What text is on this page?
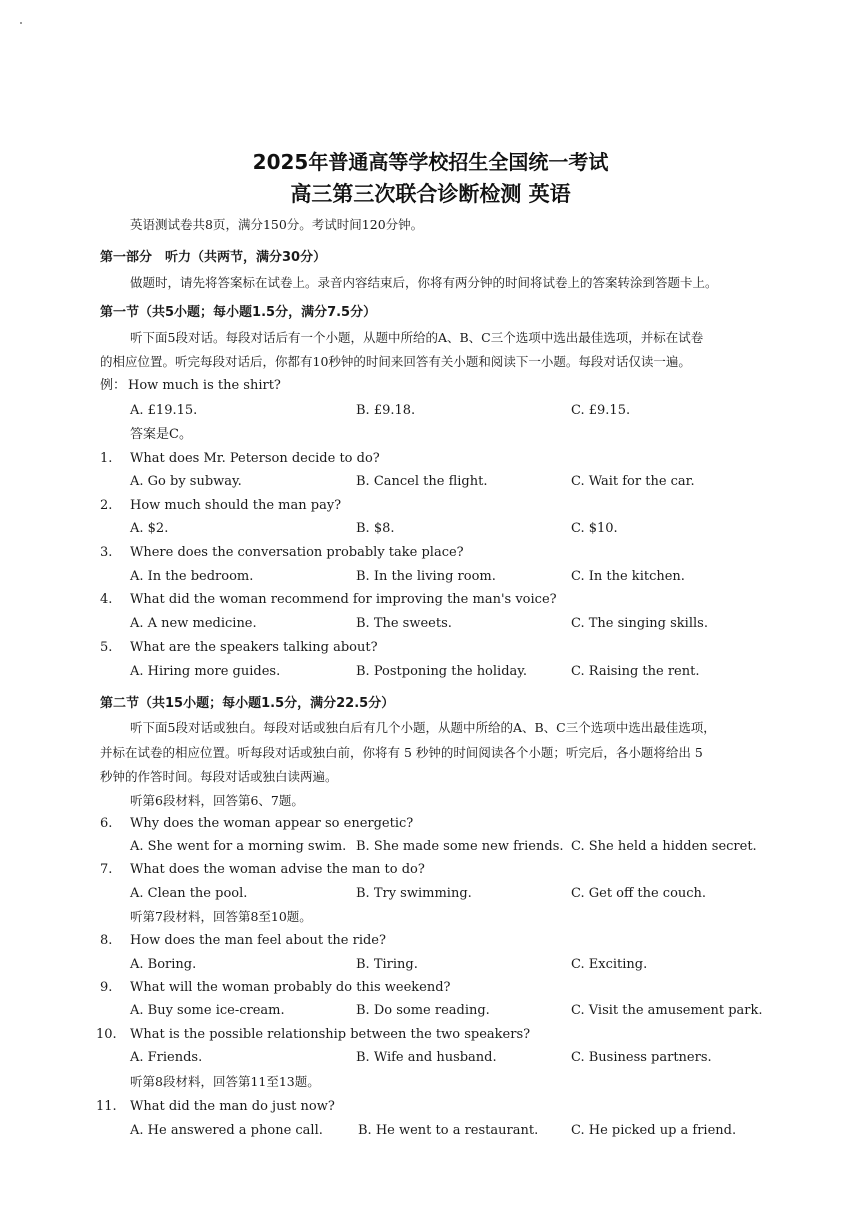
2025年普通高等学校招生全国统一考试
高三第三次联合诊断检测 英语
英语测试卷共8页，满分150分。考试时间120分钟。
第一部分　听力（共两节，满分30分）
做题时，请先将答案标在试卷上。录音内容结束后，你将有两分钟的时间将试卷上的答案转涂到答题卡上。
第一节（共5小题；每小题1.5分，满分7.5分）
听下面5段对话。每段对话后有一个小题，从题中所给的A、B、C三个选项中选出最佳选项，并标在试卷
的相应位置。听完每段对话后，你都有10秒钟的时间来回答有关小题和阅读下一小题。每段对话仅读一遍。
例： How much is the shirt?
A. £19.15.	B. £9.18.	C. £9.15.
答案是C。
1. What does Mr. Peterson decide to do?
A. Go by subway.	B. Cancel the flight.	C. Wait for the car.
2. How much should the man pay?
A. $2.	B. $8.	C. $10.
3. Where does the conversation probably take place?
A. In the bedroom.	B. In the living room.	C. In the kitchen.
4. What did the woman recommend for improving the man's voice?
A. A new medicine.	B. The sweets.	C. The singing skills.
5. What are the speakers talking about?
A. Hiring more guides.	B. Postponing the holiday.	C. Raising the rent.
第二节（共15小题；每小题1.5分，满分22.5分）
听下面5段对话或独白。每段对话或独白后有几个小题，从题中所给的A、B、C三个选项中选出最佳选项，
并标在试卷的相应位置。听每段对话或独白前，你将有 5 秒钟的时间阅读各个小题；听完后，各小题将给出 5
秒钟的作答时间。每段对话或独白读两遍。
听第6段材料，回答第6、7题。
6. Why does the woman appear so energetic?
A. She went for a morning swim. B. She made some new friends. C. She held a hidden secret.
7. What does the woman advise the man to do?
A. Clean the pool.	B. Try swimming.	C. Get off the couch.
听第7段材料，回答第8至10题。
8. How does the man feel about the ride?
A. Boring.	B. Tiring.	C. Exciting.
9. What will the woman probably do this weekend?
A. Buy some ice-cream.	B. Do some reading.	C. Visit the amusement park.
10. What is the possible relationship between the two speakers?
A. Friends.	B. Wife and husband.	C. Business partners.
听第8段材料，回答第11至13题。
11. What did the man do just now?
A. He answered a phone call.	B. He went to a restaurant.	C. He picked up a friend.
